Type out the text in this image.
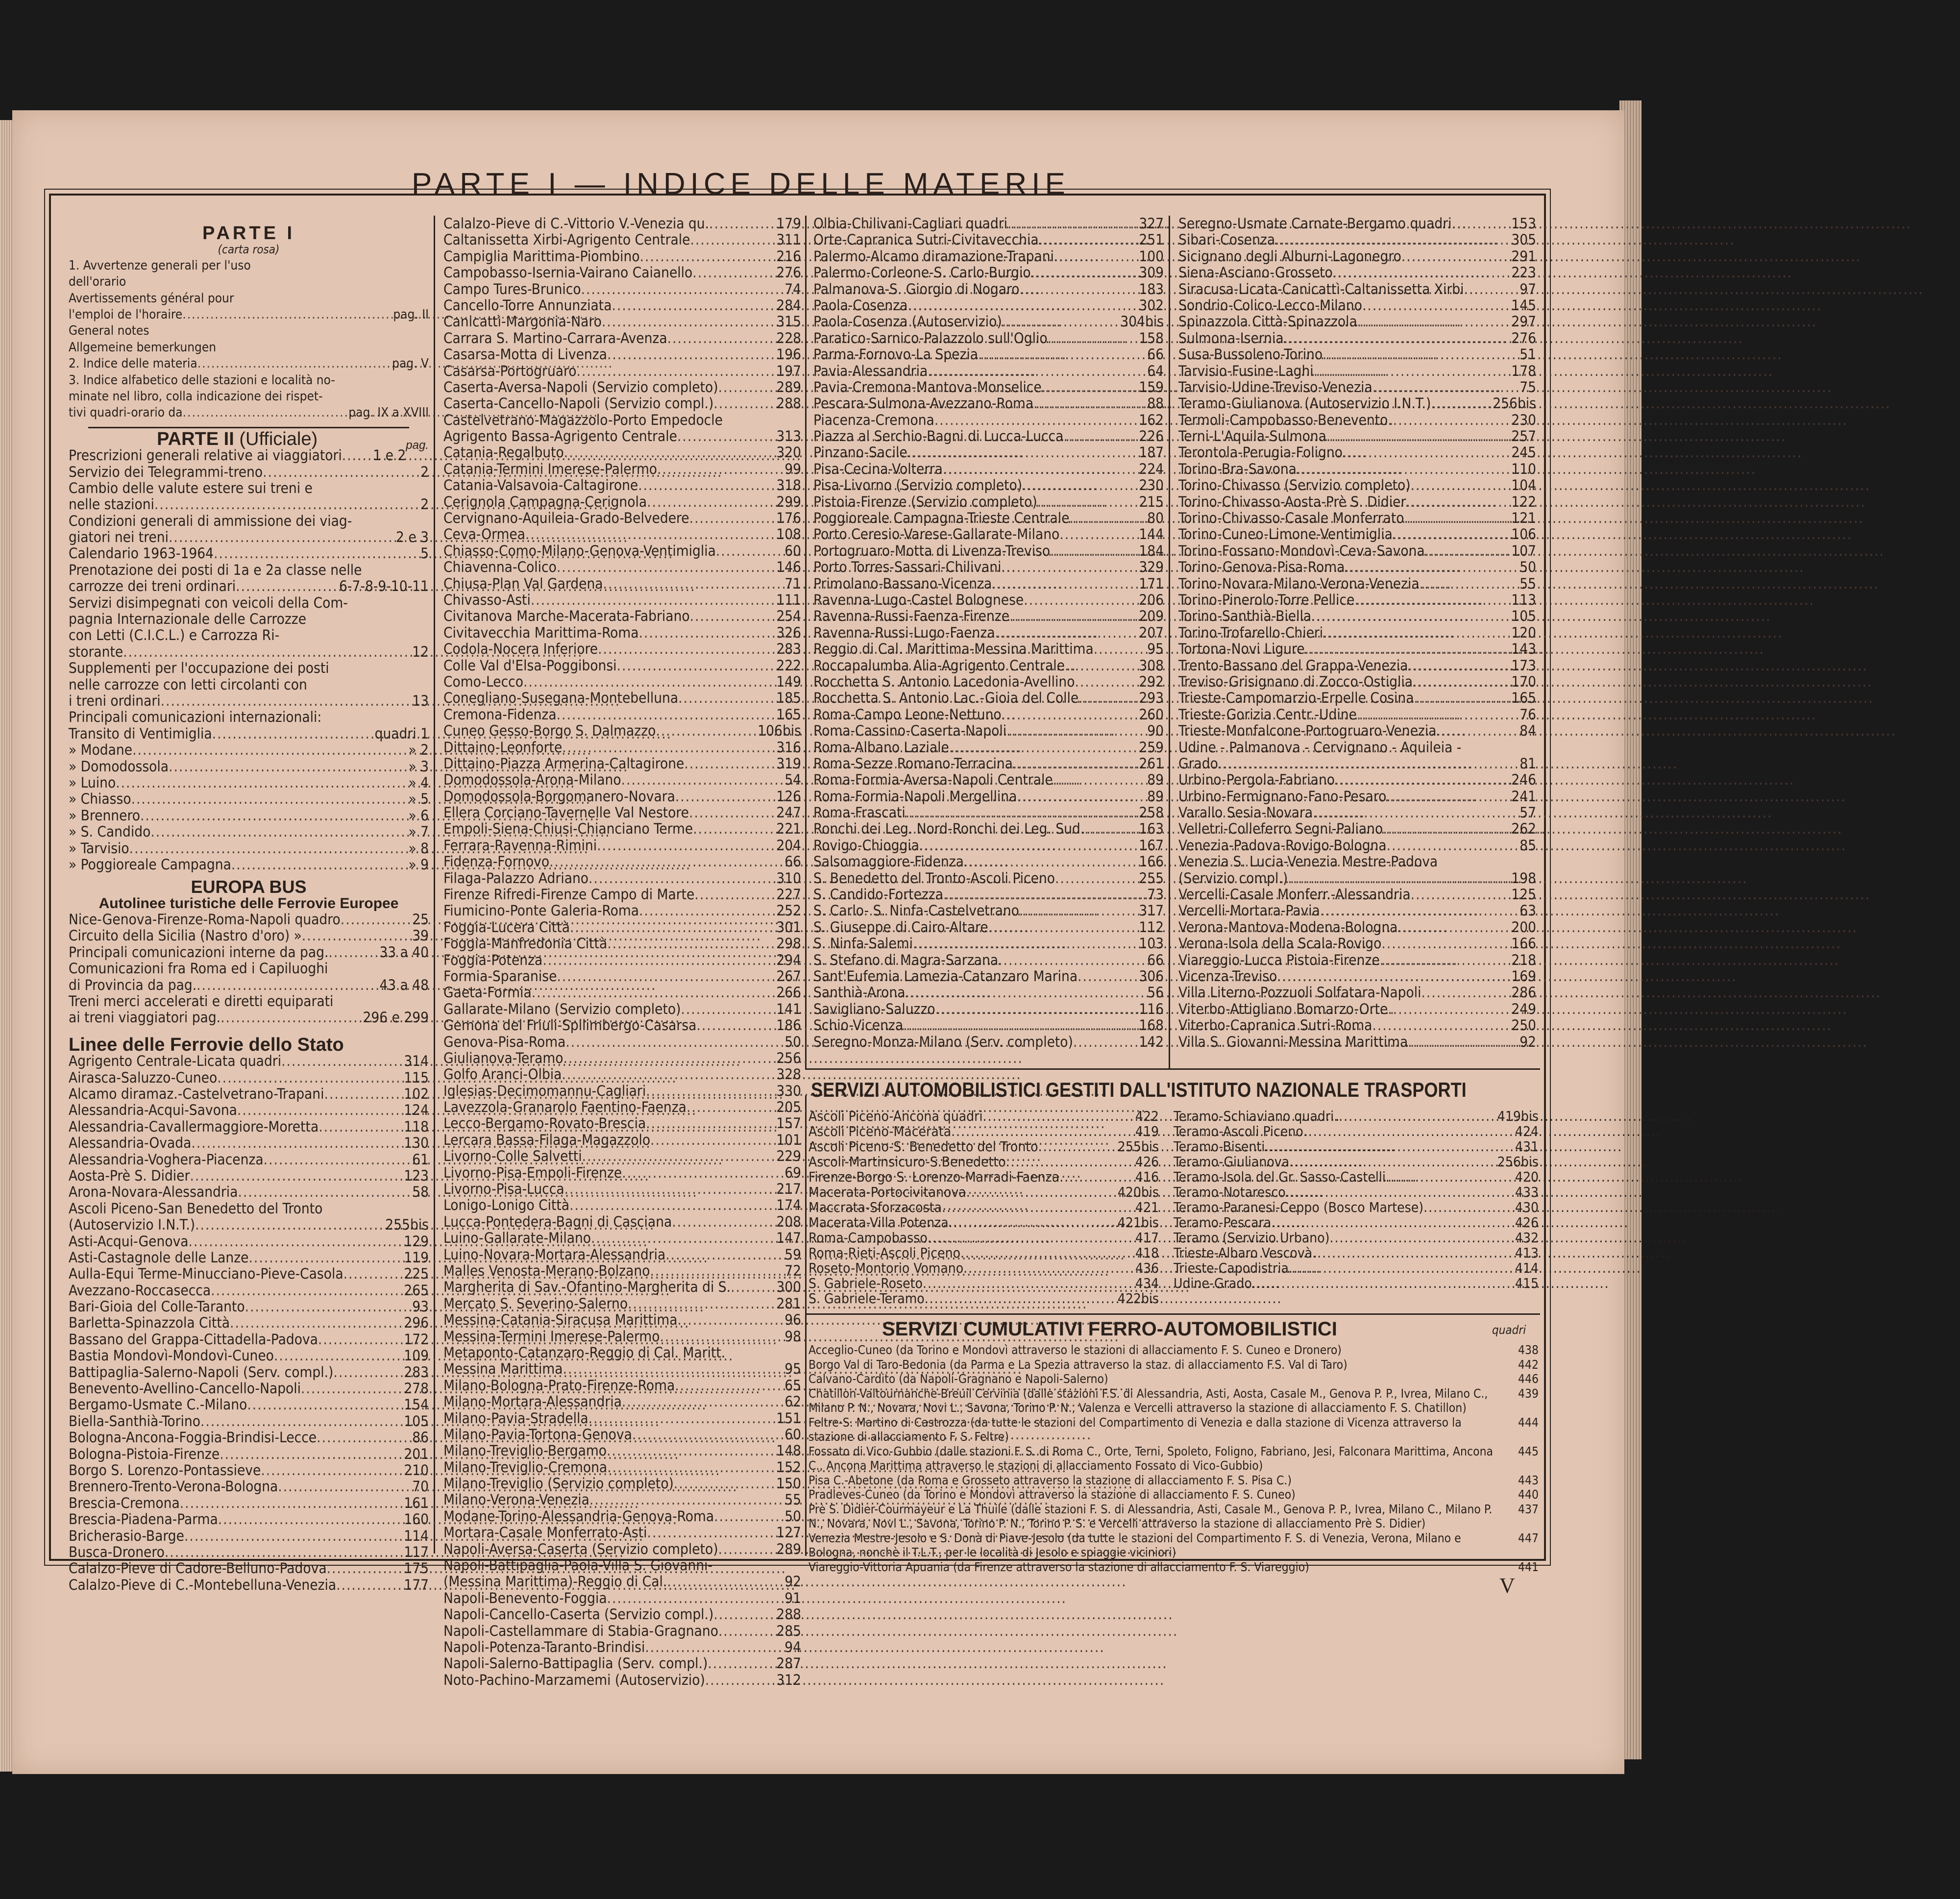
PARTE I — INDICE DELLE MATERIE
PARTE I
(carta rosa)
1. Avvertenze generali per l'uso
dell'orario
Avertissements général pour
l'emploi de l'horaire .....	pag. II
General notes
Allgemeine bemerkungen
2. Indice delle materia .....	pag. V
3. Indice alfabetico delle stazioni e località no-
minate nel libro, colla indicazione dei rispet-
tivi quadri-orario da .....	pag. IX a XVIII
PARTE II (Ufficiale)	pag.
Prescrizioni generali relative ai viaggiatori ..... 1 e 2
Servizio dei Telegrammi-treno .....	2
Cambio delle valute estere sui treni e
nelle stazioni .....	2
Condizioni generali di ammissione dei viag-
giatori nei treni .....	2 e 3
Calendario 1963-1964 .....	5
Prenotazione dei posti di 1a e 2a classe nelle
carrozze dei treni ordinari .....	6-7-8-9-10-11
Servizi disimpegnati con veicoli della Com-
pagnia Internazionale delle Carrozze
con Letti (C.I.C.L.) e Carrozza Ri-
storante .....	12
Supplementi per l'occupazione dei posti
nelle carrozze con letti circolanti con
i treni ordinari .....	13
Principali comunicazioni internazionali:
Transito di Ventimiglia .....	quadri 1
» Modane .....	» 2
» Domodossola .....	» 3
» Luino .....	» 4
» Chiasso .....	» 5
» Brennero .....	» 6
» S. Candido .....	» 7
» Tarvisio .....	» 8
» Poggioreale Campagna .....	» 9
EUROPA BUS
Autolinee turistiche delle Ferrovie Europee
Nice-Genova-Firenze-Roma-Napoli quadro .....	25
Circuito della Sicilia (Nastro d'oro) » .....	39
Principali comunicazioni interne da pag. .....	33 a 40
Comunicazioni fra Roma ed i Capiluoghi
di Provincia da pag. .....	43 a 48
Treni merci accelerati e diretti equiparati
ai treni viaggiatori pag. .....	296 e 299
Linee delle Ferrovie dello Stato
Agrigento Centrale-Licata quadri .....	314
Airasca-Saluzzo-Cuneo .....	115
Alcamo diramaz.-Castelvetrano-Trapani .....	102
Alessandria-Acqui-Savona .....	124
Alessandria-Cavallermaggiore-Moretta .....	118
Alessandria-Ovada .....	130
Alessandria-Voghera-Piacenza .....	61
Aosta-Prè S. Didier .....	123
Arona-Novara-Alessandria .....	58
Ascoli Piceno-San Benedetto del Tronto
(Autoservizio I.N.T.) .....	255bis
Asti-Acqui-Genova .....	129
Asti-Castagnole delle Lanze .....	119
Aulla-Equi Terme-Minucciano-Pieve-Casola .....	225
Avezzano-Roccasecca .....	265
Bari-Gioia del Colle-Taranto .....	93
Barletta-Spinazzola Città .....	296
Bassano del Grappa-Cittadella-Padova .....	172
Bastia Mondovì-Mondovì-Cuneo .....	109
Battipaglia-Salerno-Napoli (Serv. compl.) .....	283
Benevento-Avellino-Cancello-Napoli .....	278
Bergamo-Usmate C.-Milano .....	154
Biella-Santhià-Torino .....	105
Bologna-Ancona-Foggia-Brindisi-Lecce .....	86
Bologna-Pistoia-Firenze .....	201
Borgo S. Lorenzo-Pontassieve .....	210
Brennero-Trento-Verona-Bologna .....	70
Brescia-Cremona .....	161
Brescia-Piadena-Parma .....	160
Bricherasio-Barge .....	114
Busca-Dronero .....	117
Calalzo-Pieve di Cadore-Belluno-Padova .....	175
Calalzo-Pieve di C.-Montebelluna-Venezia .....	177
Calalzo-Pieve di C.-Vittorio V.-Venezia qu. .....	179
Caltanissetta Xirbi-Agrigento Centrale .....	311
Campiglia Marittima-Piombino .....	216
Campobasso-Isernia-Vairano Caianello .....	276
Campo Tures-Brunico .....	74
Cancello-Torre Annunziata .....	284
Canicattì-Margonia-Naro .....	315
Carrara S. Martino-Carrara-Avenza .....	228
Casarsa-Motta di Livenza .....	196
Casarsa-Portogruaro .....	197
Caserta-Aversa-Napoli (Servizio completo) .....	289
Caserta-Cancello-Napoli (Servizio compl.) .....	288
Castelvetrano-Magazzolo-Porto Empedocle
Agrigento Bassa-Agrigento Centrale .....	313
Catania-Regalbuto .....	320
Catania-Termini Imerese-Palermo .....	99
Catania-Valsavoia-Caltagirone .....	318
Cerignola Campagna-Cerignola .....	299
Cervignano-Aquileia-Grado-Belvedere .....	176
Ceva-Ormea .....	108
Chiasso-Como-Milano-Genova-Ventimiglia .....	60
Chiavenna-Colico .....	146
Chiusa-Plan Val Gardena .....	71
Chivasso-Asti .....	111
Civitanova Marche-Macerata-Fabriano .....	254
Civitavecchia Marittima-Roma .....	326
Codola-Nocera Inferiore .....	283
Colle Val d'Elsa-Poggibonsi .....	222
Como-Lecco .....	149
Conegliano-Susegana-Montebelluna .....	185
Cremona-Fidenza .....	165
Cuneo Gesso-Borgo S. Dalmazzo .....	106bis
Dittaino-Leonforte .....	316
Dittaino-Piazza Armerina-Caltagirone .....	319
Domodossola-Arona-Milano .....	54
Domodossola-Borgomanero-Novara .....	126
Ellera Corciano-Tavernelle Val Nestore .....	247
Empoli-Siena-Chiusi-Chianciano Terme .....	221
Ferrara-Ravenna-Rimini .....	204
Fidenza-Fornovo .....	66
Filaga-Palazzo Adriano .....	310
Firenze Rifredi-Firenze Campo di Marte .....	227
Fiumicino-Ponte Galeria-Roma .....	252
Foggia-Lucera Città .....	301
Foggia-Manfredonia Città .....	298
Foggia-Potenza .....	294
Formia-Sparanise .....	267
Gaeta-Formia .....	266
Gallarate-Milano (Servizio completo) .....	141
Gemona del Friuli-Spilimbergo-Casarsa .....	186
Genova-Pisa-Roma .....	50
Giulianova-Teramo .....	256
Golfo Aranci-Olbia .....	328
Iglesias-Decimomannu-Cagliari .....	330
Lavezzola-Granarolo Faentino-Faenza .....	205
Lecco-Bergamo-Rovato-Brescia .....	157
Lercara Bassa-Filaga-Magazzolo .....	101
Livorno-Colle Salvetti .....	229
Livorno-Pisa-Empoli-Firenze .....	69
Livorno-Pisa-Lucca .....	217
Lonigo-Lonigo Città .....	174
Lucca-Pontedera-Bagni di Casciana .....	208
Luino-Gallarate-Milano .....	147
Luino-Novara-Mortara-Alessandria .....	59
Malles Venosta-Merano-Bolzano .....	72
Margherita di Sav.-Ofantino-Margherita di S. .....	300
Mercato S. Severino-Salerno .....	281
Messina-Catania-Siracusa Marittima .....	96
Messina-Termini Imerese-Palermo .....	98
Metaponto-Catanzaro-Reggio di Cal. Maritt.
Messina Marittima .....	95
Milano-Bologna-Prato-Firenze-Roma .....	65
Milano-Mortara-Alessandria .....	62
Milano-Pavia-Stradella .....	151
Milano-Pavia-Tortona-Genova .....	60
Milano-Treviglio-Bergamo .....	148
Milano-Treviglio-Cremona .....	152
Milano-Treviglio (Servizio completo) .....	150
Milano-Verona-Venezia .....	55
Modane-Torino-Alessandria-Genova-Roma .....	50
Mortara-Casale Monferrato-Asti .....	127
Napoli-Aversa-Caserta (Servizio completo) .....	289
Napoli-Battipaglia-Paola-Villa S. Giovanni-
(Messina Marittima)-Reggio di Cal. .....	92
Napoli-Benevento-Foggia .....	91
Napoli-Cancello-Caserta (Servizio compl.) .....	288
Napoli-Castellammare di Stabia-Gragnano .....	285
Napoli-Potenza-Taranto-Brindisi .....	94
Napoli-Salerno-Battipaglia (Serv. compl.) .....	287
Noto-Pachino-Marzamemi (Autoservizio) .....	312
Olbia-Chilivani-Cagliari quadri .....	327
Orte-Capranica Sutri-Civitavecchia .....	251
Palermo-Alcamo diramazione-Trapani .....	100
Palermo-Corleone-S. Carlo-Burgio .....	309
Palmanova-S. Giorgio di Nogaro .....	183
Paola-Cosenza .....	302
Paola-Cosenza (Autoservizio) .....	304bis
Paratico-Sarnico-Palazzolo sull'Oglio .....	158
Parma-Fornovo-La Spezia .....	66
Pavia-Alessandria .....	64
Pavia-Cremona-Mantova-Monselice .....	159
Pescara-Sulmona-Avezzano-Roma .....	88
Piacenza-Cremona .....	162
Piazza al Serchio-Bagni di Lucca-Lucca .....	226
Pinzano-Sacile .....	187
Pisa-Cecina-Volterra .....	224
Pisa-Livorno (Servizio completo) .....	230
Pistoia-Firenze (Servizio completo) .....	215
Poggioreale Campagna-Trieste Centrale .....	80
Porto Ceresio-Varese-Gallarate-Milano .....	144
Portogruaro-Motta di Livenza-Treviso .....	184
Porto Torres-Sassari-Chilivani .....	329
Primolano-Bassano-Vicenza .....	171
Ravenna-Lugo-Castel Bolognese .....	206
Ravenna-Russi-Faenza-Firenze .....	209
Ravenna-Russi-Lugo-Faenza .....	207
Reggio di Cal. Marittima-Messina Marittima .....	95
Roccapalumba Alia-Agrigento Centrale .....	308
Rocchetta S. Antonio Lacedonia-Avellino .....	292
Rocchetta S. Antonio Lac.-Gioia del Colle .....	293
Roma-Campo Leone-Nettuno .....	260
Roma-Cassino-Caserta-Napoli .....	90
Roma-Albano Laziale .....	259
Roma-Sezze Romano-Terracina .....	261
Roma-Formia-Aversa-Napoli Centrale .....	89
Roma-Formia-Napoli Mergellina .....	89
Roma-Frascati .....	258
Ronchi dei Leg. Nord-Ronchi dei Leg. Sud. .....	163
Rovigo-Chioggia .....	167
Salsomaggiore-Fidenza .....	166
S. Benedetto del Tronto-Ascoli Piceno .....	255
S. Candido-Fortezza .....	73
S. Carlo- S. Ninfa-Castelvetrano .....	317
S. Giuseppe di Cairo-Altare .....	112
S. Ninfa-Salemi .....	103
S. Stefano di Magra-Sarzana .....	66
Sant'Eufemia Lamezia-Catanzaro Marina .....	306
Santhià-Arona .....	56
Savigliano-Saluzzo .....	116
Schio-Vicenza .....	168
Seregno-Monza-Milano (Serv. completo) .....	142
Seregno-Usmate Carnate-Bergamo quadri .....	153
Sibari-Cosenza .....	305
Sicignano degli Alburni-Lagonegro .....	291
Siena-Asciano-Grosseto .....	223
Siracusa-Licata-Canicattì-Caltanissetta Xirbi .....	97
Sondrio-Colico-Lecco-Milano .....	145
Spinazzola Città-Spinazzola .....	297
Sulmona-Isernia .....	276
Susa-Bussoleno-Torino .....	51
Tarvisio-Fusine-Laghi .....	178
Tarvisio-Udine-Treviso-Venezia .....	75
Teramo-Giulianova (Autoservizio I.N.T.) .....	256bis
Termoli-Campobasso-Benevento .....	230
Terni-L'Aquila-Sulmona .....	257
Terontola-Perugia-Foligno .....	245
Torino-Bra-Savona .....	110
Torino-Chivasso (Servizio completo) .....	104
Torino-Chivasso-Aosta-Prè S. Didier .....	122
Torino-Chivasso-Casale Monferrato .....	121
Torino-Cuneo-Limone-Ventimiglia .....	106
Torino-Fossano-Mondovì-Ceva-Savona .....	107
Torino-Genova-Pisa-Roma .....	50
Torino-Novara-Milano-Verona-Venezia .....	55
Torino-Pinerolo-Torre Pellice .....	113
Torino-Santhià-Biella .....	105
Torino-Trofarello-Chieri .....	120
Tortona-Novi Ligure .....	143
Trento-Bassano del Grappa-Venezia .....	173
Treviso-Grisignano di Zocco-Ostiglia .....	170
Trieste-Campomarzio-Erpelle Cosina .....	165
Trieste-Gorizia Centr.-Udine .....	76
Trieste-Monfalcone-Portogruaro-Venezia .....	84
Udine - Palmanova - Cervignano - Aquileia -
Grado .....	81
Urbino-Pergola-Fabriano .....	246
Urbino-Fermignano-Fano-Pesaro .....	241
Varallo Sesia-Novara .....	57
Velletri-Colleferro Segni-Paliano .....	262
Venezia-Padova-Rovigo-Bologna .....	85
Venezia S. Lucia-Venezia Mestre-Padova
(Servizio compl.) .....	198
Vercelli-Casale Monferr.-Alessandria .....	125
Vercelli-Mortara-Pavia .....	63
Verona-Mantova-Modena-Bologna .....	200
Verona-Isola della Scala-Rovigo .....	166
Viareggio-Lucca Pistoia-Firenze .....	218
Vicenza-Treviso .....	169
Villa Literno-Pozzuoli Solfatara-Napoli .....	286
Viterbo-Attigliano Bomarzo-Orte .....	249
Viterbo-Capranica Sutri-Roma .....	250
Villa S. Giovanni-Messina Marittima .....	92
SERVIZI AUTOMOBILISTICI GESTITI DALL'ISTITUTO NAZIONALE TRASPORTI
Ascoli Piceno-Ancona quadri .....	422
Ascoli Piceno-Macerata .....	419
Ascoli Piceno-S. Benedetto del Tronto .....	255bis
Ascoli-Martinsicuro-S.Benedetto .....	426
Firenze-Borgo S. Lorenzo-Marradi-Faenza .....	416
Macerata-Portocivitanova .....	420bis
Maccrata-Sforzacosta .....	421
Macerata-Villa Potenza .....	421bis
Roma-Campobasso .....	417
Roma-Rieti-Ascoli Piceno .....	418
Roseto-Montorio Vomano .....	436
S. Gabriele-Roseto .....	434
S. Gabriele-Teramo .....	422bis
Teramo-Schiaviano quadri .....	419bis
Teramo-Ascoli Piceno .....	424
Teramo-Bisenti .....	431
Teramo-Giulianova .....	256bis
Teramo-Isola del Gr. Sasso-Castelli .....	420
Teramo-Notaresco .....	433
Teramo-Paranesi-Ceppo (Bosco Martese) .....	430
Teramo-Pescara .....	426
Teramo (Servizio Urbano) .....	432
Trieste-Albaro Vescovà .....	413
Trieste-Capodistria .....	414
Udine-Grado .....	415
SERVIZI CUMULATIVI FERRO-AUTOMOBILISTICI	quadri
Acceglio-Cuneo (da Torino e Mondovì attraverso le stazioni di allacciamento F. S. Cuneo e Dronero)	438
Borgo Val di Taro-Bedonia (da Parma e La Spezia attraverso la staz. di allacciamento F.S. Val di Taro)	442
Calvano-Cardito (da Napoli-Gragnano e Napoli-Salerno)	446
Chatillon-Valtournanche-Breuil Cervinia (dalle stazioni F.S. di Alessandria, Asti, Aosta, Casale M., Genova P. P., Ivrea, Milano C., Milano P. N., Novara, Novi L., Savona, Torino P. N., Valenza e Vercelli attraverso la stazione di allacciamento F. S. Chatillon)
439
Feltre-S. Martino di Castrozza (da tutte le stazioni del Compartimento di Venezia e dalla stazione di Vicenza attraverso la stazione di allacciamento F. S. Feltre)
444
Fossato di Vico-Gubbio (dalle stazioni F. S. di Roma C., Orte, Terni, Spoleto, Foligno, Fabriano, Jesi, Falconara Marittima, Ancona C., Ancona Marittima attraverso le stazioni di allacciamento Fossato di Vico-Gubbio)
445
Pisa C.-Abetone (da Roma e Grosseto attraverso la stazione di allacciamento F. S. Pisa C.)	443
Pradleves-Cuneo (da Torino e Mondovì attraverso la stazione di allacciamento F. S. Cuneo)	440
Prè S. Didier-Courmayeur e La Thuile (dalle stazioni F. S. di Alessandria, Asti, Casale M., Genova P. P., Ivrea, Milano C., Milano P. N., Novara, Novi L., Savona, Torino P. N., Torino P. S. e Vercelli attraverso la stazione di allacciamento Prè S. Didier)
437
Venezia Mestre-Jesolo e S. Donà di Piave-Jesolo (da tutte le stazioni del Compartimento F. S. di Venezia, Verona, Milano e Bologna, nonchè il T.L.T., per le località di Jesolo e spiaggie viciniori)
447
Viareggio-Vittoria Apuania (da Firenze attraverso la stazione di allacciamento F. S. Viareggio)	441
V
